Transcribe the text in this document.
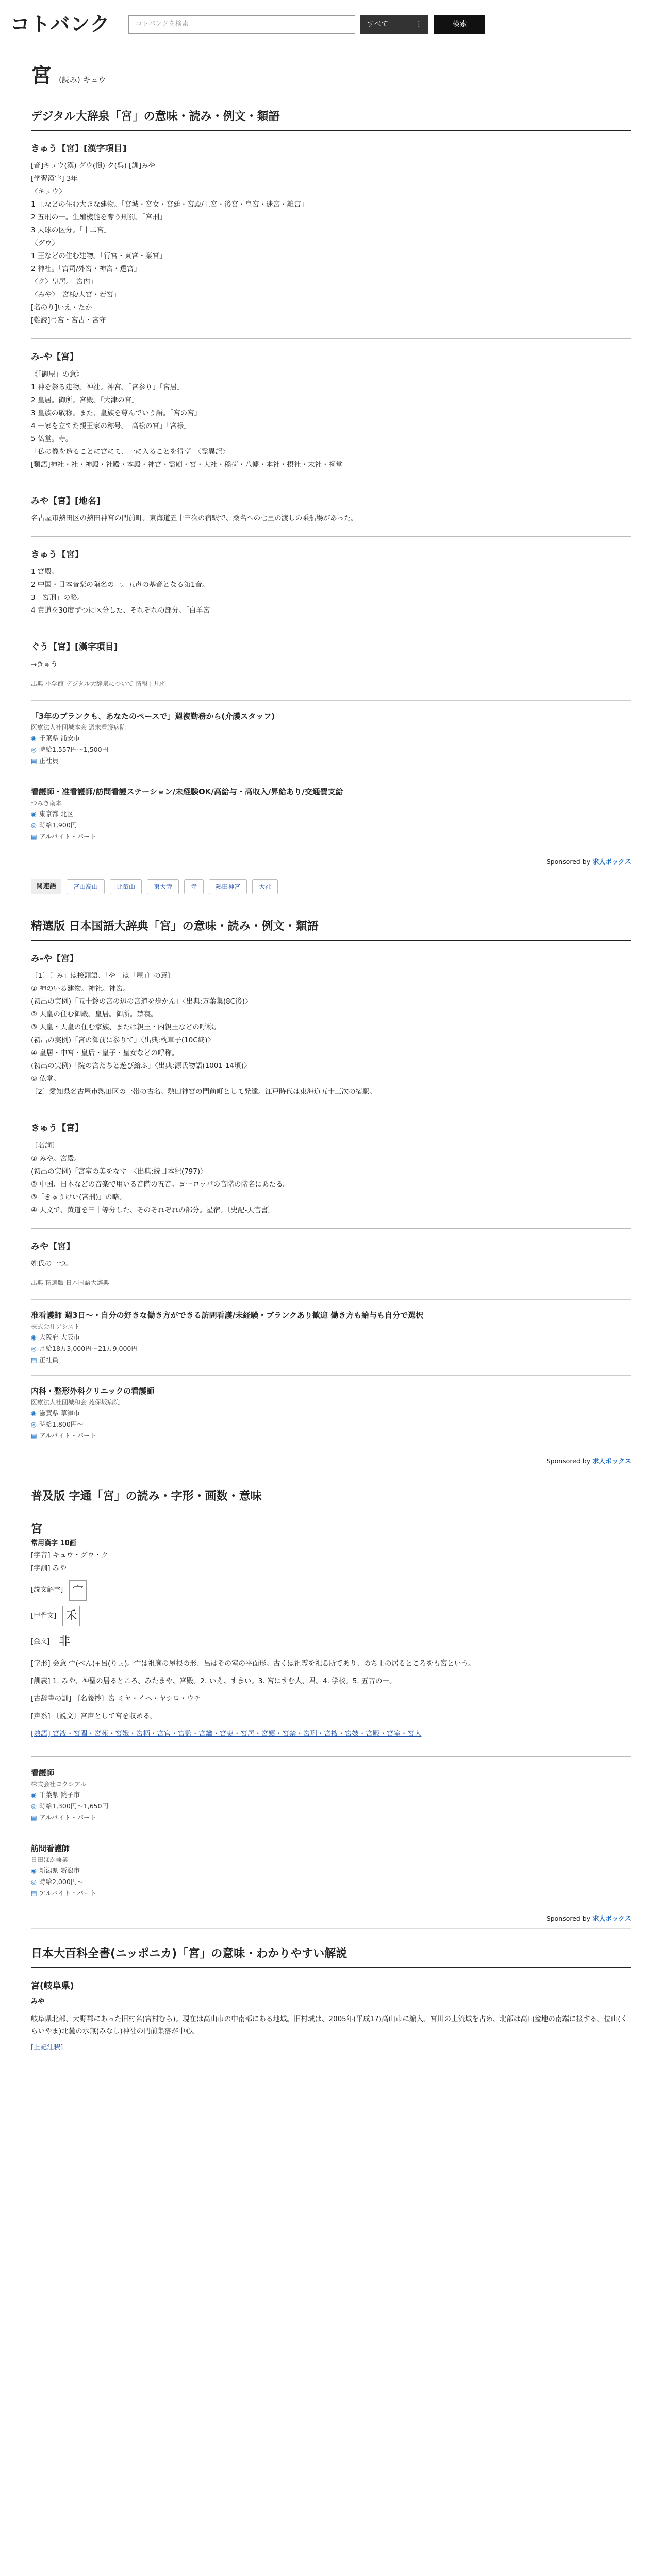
コトバンク	コトバンクを検索	すべて	⋮	検索
宮 (読み) キュウ
デジタル大辞泉「宮」の意味・読み・例文・類語
きゅう【宮】[漢字項目]
[音]キュウ(漢) グウ(慣) ク(呉) [訓]みや
[学習漢字] 3年
〈キュウ〉
1 王などの住む大きな建物。「宮城・宮女・宮廷・宮殿/王宮・後宮・皇宮・迷宮・離宮」
2 五刑の一。生殖機能を奪う刑罰。「宮刑」
3 天球の区分。「十二宮」
〈グウ〉
1 王などの住む建物。「行宮・東宮・楽宮」
2 神社。「宮司/外宮・神宮・遷宮」
〈ク〉皇居。「宮内」
〈みや〉「宮様/大宮・若宮」
[名のり]いえ・たか
[難読]弓宮・宮古・宮守
み‐や【宮】
《「御屋」の意》
1 神を祭る建物。神社。神宮。「宮参り」「宮居」
2 皇居。御所。宮殿。「大津の宮」
3 皇族の敬称。また、皇族を尊んでいう語。「宮の宮」
4 一家を立てた親王家の称号。「高松の宮」「宮様」
5 仏堂。寺。
「仏の像を造ることに宮にて、一に入ることを得ず」〈霊異記〉
[類語]神社・社・神殿・社殿・本殿・神宮・霊廟・宮・大社・稲荷・八幡・本社・摂社・末社・祠堂
みや【宮】[地名]
名古屋市熱田区の熱田神宮の門前町。東海道五十三次の宿駅で、桑名への七里の渡しの乗船場があった。
きゅう【宮】
1 宮殿。
2 中国・日本音楽の階名の一。五声の基音となる第1音。
3「宮刑」の略。
4 黄道を30度ずつに区分した、それぞれの部分。「白羊宮」
ぐう【宮】[漢字項目]
→きゅう
出典 小学館 デジタル大辞泉について 情報 | 凡例
「3年のブランクも、あなたのペースで」週複勤務から(介護スタッフ)
医療法人社団城本会 週末看護病院
◉ 千葉県 浦安市
◎ 時給1,557円〜1,500円
▤ 正社員
看護師・准看護師/訪問看護ステーション/未経験OK/高給与・高収入/昇給あり/交通費支給
つみき南本
◉ 東京都 北区
◎ 時給1,900円
▤ アルバイト・パート
Sponsored by 求人ボックス
関連語	宮山高山	比叡山	東大寺	寺	熱田神宮	大社
精選版 日本国語大辞典「宮」の意味・読み・例文・類語
み‐や【宮】
〔1〕〔「み」は接頭語、「や」は「屋」〕の意〕
① 神のいる建物。神社。神宮。
(初出の実例)「五十鈴の宮の辺の宮道を歩かん」〈出典:万葉集(8C後)〉
② 天皇の住む御殿。皇居。御所。禁裏。
③ 天皇・天皇の住む家族、または親王・内親王などの呼称。
(初出の実例)「宮の御前に参りて」〈出典:枕草子(10C終)〉
④ 皇居・中宮・皇后・皇子・皇女などの呼称。
(初出の実例)「院の宮たちと遊び給ふ」〈出典:源氏物語(1001-14頃)〉
⑤ 仏堂。
〔2〕愛知県名古屋市熱田区の一帯の古名。熱田神宮の門前町として発達。江戸時代は東海道五十三次の宿駅。
きゅう【宮】
〔名詞〕
① みや。宮殿。
(初出の実例)「宮室の美をなす」〈出典:続日本紀(797)〉
② 中国、日本などの音楽で用いる音階の五音。ヨーロッパの音階の階名にあたる。
③「きゅうけい(宮刑)」の略。
④ 天文で、黄道を三十等分した、そのそれぞれの部分。星宿。〔史記-天官書〕
みや【宮】
姓氏の一つ。
出典 精選版 日本国語大辞典
准看護師 週3日〜・自分の好きな働き方ができる訪問看護/未経験・ブランクあり歓迎 働き方も給与も自分で選択
株式会社アシスト
◉ 大阪府 大阪市
◎ 月給18万3,000円〜21万9,000円
▤ 正社員
内科・整形外科クリニックの看護師
医療法人社団城和会 苑保坂病院
◉ 滋賀県 草津市
◎ 時給1,800円〜
▤ アルバイト・パート
Sponsored by 求人ボックス
普及版 字通「宮」の読み・字形・画数・意味
宮
常用漢字 10画
[字音] キュウ・グウ・ク
[字訓] みや
[説文解字] ⼧
[甲骨文] ⽲
[金文] ⾮

[字形] 会意 宀(べん)+呂(りょ)。宀は祖廟の屋根の形、呂はその室の平面形。古くは祖霊を祀る所であり、のち王の居るところをも宮という。

[訓義] 1. みや、神聖の居るところ、みたまや、宮殿。2. いえ、すまい。3. 宮にすむ人、君。4. 学校。5. 五音の一。

[古辞書の訓] 〔名義抄〕宮 ミヤ・イヘ・ヤシロ・ウチ

[声系] 〔説文〕宮声として宮を収める。

[熟語] 宮液・宮闈・宮苑・宮娥・宮柄・宮官・宮監・宮鑰・宮吏・宮居・宮嬪・宮禁・宮刑・宮掖・宮妓・宮殿・宮室・宮人

看護師
株式会社ヨクシアル
◉ 千葉県 銚子市
◎ 時給1,300円〜1,650円
▤ アルバイト・パート
訪問看護師
日田ほか兼業
◉ 新潟県 新潟市
◎ 時給2,000円〜
▤ アルバイト・パート
Sponsored by 求人ボックス
日本大百科全書(ニッポニカ)「宮」の意味・わかりやすい解説
宮(岐阜県)
みや

岐阜県北部、大野郡にあった旧村名(宮村むら)。現在は高山市の中南部にある地域。旧村域は、2005年(平成17)高山市に編入。宮川の上流域を占め、北部は高山盆地の南端に接する。位山(くらいやま)北麓の水無(みなし)神社の門前集落が中心。

[上記注釈]
